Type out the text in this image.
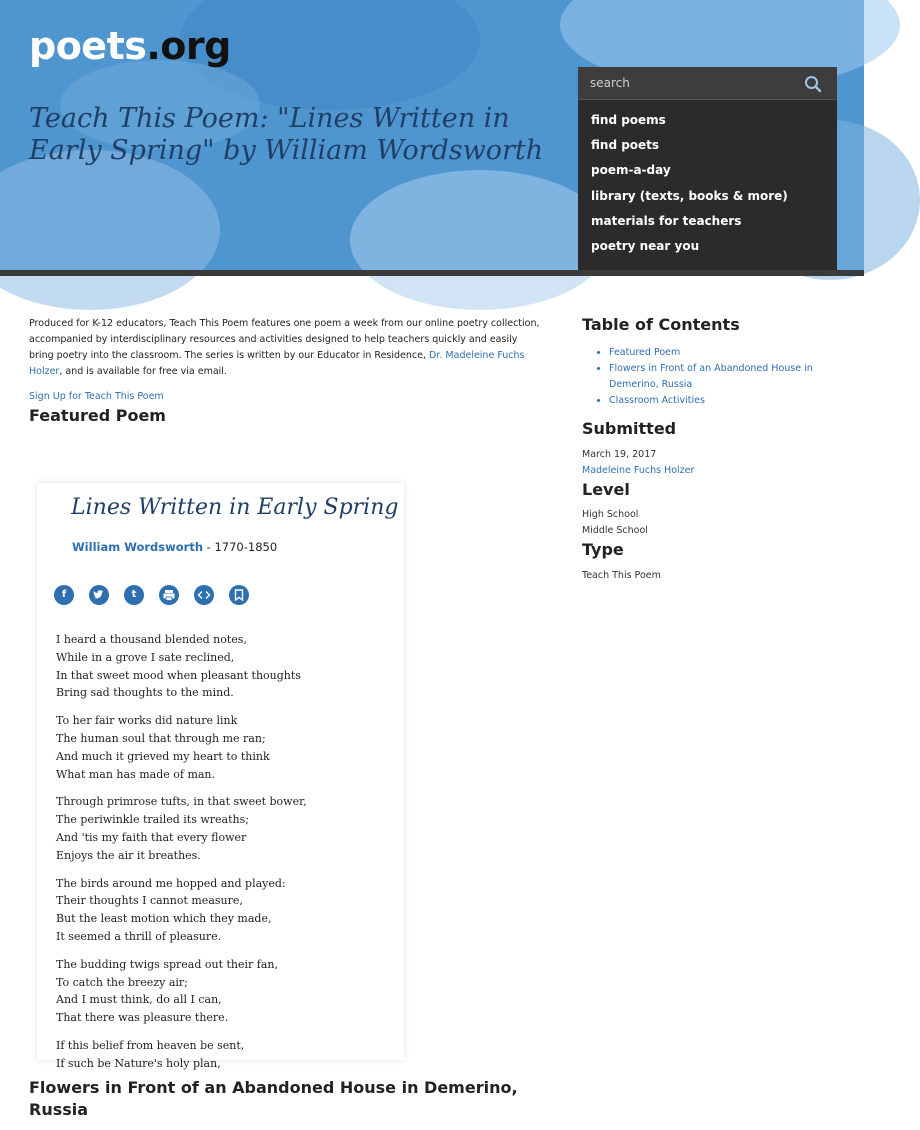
poets.org
Teach This Poem: "Lines Written in Early Spring" by William Wordsworth
search
find poems
find poets
poem-a-day
library (texts, books & more)
materials for teachers
poetry near you

Produced for K-12 educators, Teach This Poem features one poem a week from our online poetry collection, accompanied by interdisciplinary resources and activities designed to help teachers quickly and easily bring poetry into the classroom. The series is written by our Educator in Residence, Dr. Madeleine Fuchs Holzer, and is available for free via email.

Sign Up for Teach This Poem
Featured Poem
Lines Written in Early Spring
William Wordsworth - 1770-1850
f	t
I heard a thousand blended notes,
While in a grove I sate reclined,
In that sweet mood when pleasant thoughts
Bring sad thoughts to the mind.
To her fair works did nature link
The human soul that through me ran;
And much it grieved my heart to think
What man has made of man.
Through primrose tufts, in that sweet bower,
The periwinkle trailed its wreaths;
And 'tis my faith that every flower
Enjoys the air it breathes.
The birds around me hopped and played:
Their thoughts I cannot measure,
But the least motion which they made,
It seemed a thrill of pleasure.
The budding twigs spread out their fan,
To catch the breezy air;
And I must think, do all I can,
That there was pleasure there.
If this belief from heaven be sent,
If such be Nature's holy plan,
Flowers in Front of an Abandoned House in Demerino, Russia
Table of Contents
• Featured Poem
• Flowers in Front of an Abandoned House in Demerino, Russia
• Classroom Activities
Submitted
March 19, 2017
Madeleine Fuchs Holzer
Level
High School
Middle School
Type
Teach This Poem
